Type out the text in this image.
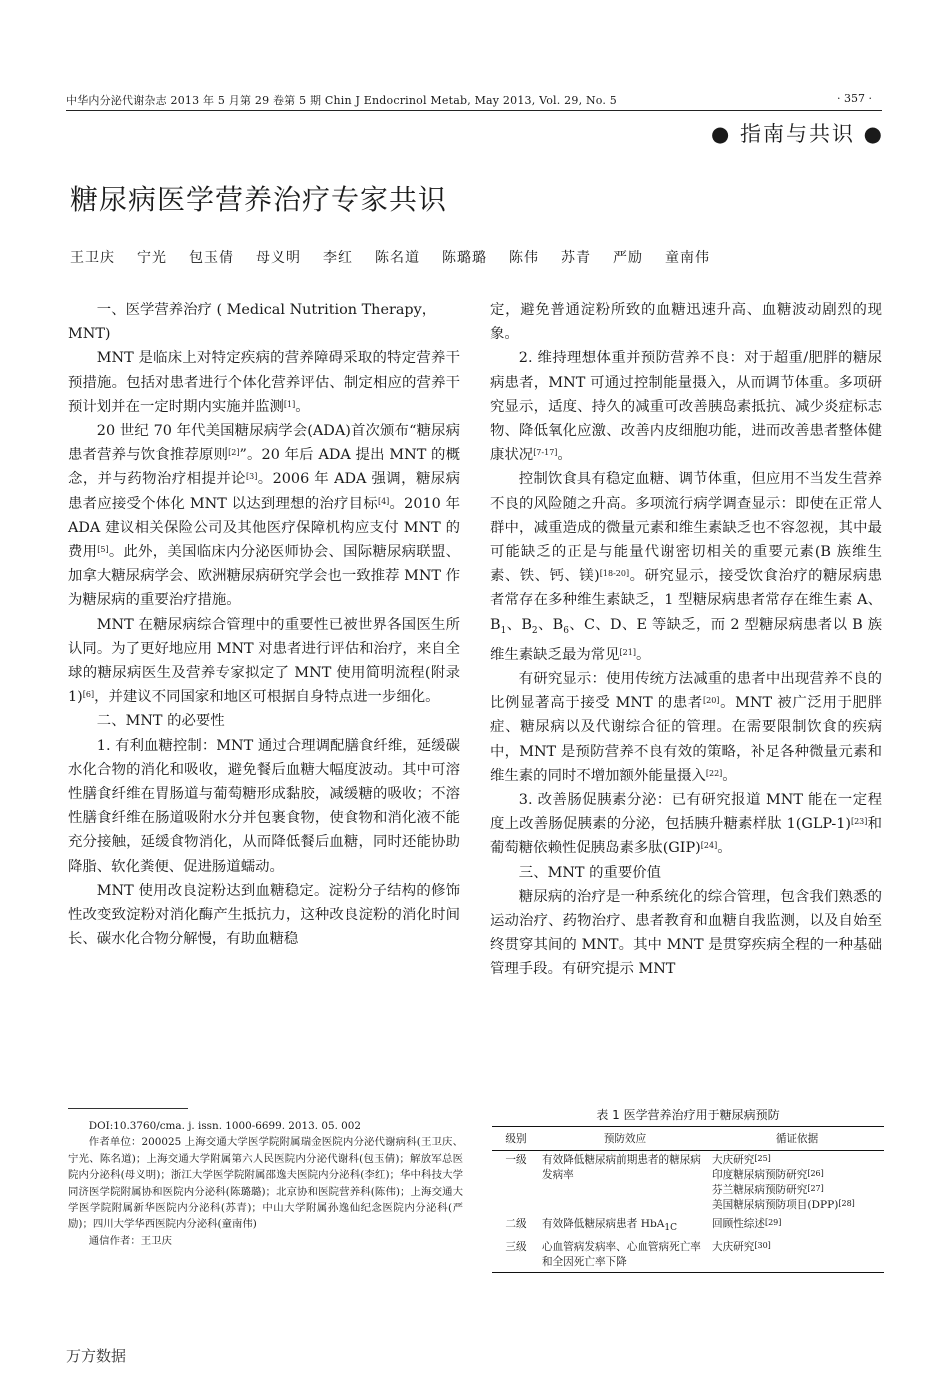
中华内分泌代谢杂志 2013 年 5 月第 29 卷第 5 期 Chin J Endocrinol Metab, May 2013, Vol. 29, No. 5	· 357 ·
● 指南与共识 ●
糖尿病医学营养治疗专家共识
王卫庆 宁光 包玉倩 母义明 李红 陈名道 陈璐璐 陈伟 苏青 严励 童南伟

一、医学营养治疗 ( Medical Nutrition Therapy，

MNT)

MNT 是临床上对特定疾病的营养障碍采取的特定营养干预措施。包括对患者进行个体化营养评估、制定相应的营养干预计划并在一定时期内实施并监测[1]。

20 世纪 70 年代美国糖尿病学会(ADA)首次颁布“糖尿病患者营养与饮食推荐原则[2]”。20 年后 ADA 提出 MNT 的概念，并与药物治疗相提并论[3]。2006 年 ADA 强调，糖尿病患者应接受个体化 MNT 以达到理想的治疗目标[4]。2010 年 ADA 建议相关保险公司及其他医疗保障机构应支付 MNT 的费用[5]。此外，美国临床内分泌医师协会、国际糖尿病联盟、加拿大糖尿病学会、欧洲糖尿病研究学会也一致推荐 MNT 作为糖尿病的重要治疗措施。

MNT 在糖尿病综合管理中的重要性已被世界各国医生所认同。为了更好地应用 MNT 对患者进行评估和治疗，来自全球的糖尿病医生及营养专家拟定了 MNT 使用简明流程(附录 1)[6]，并建议不同国家和地区可根据自身特点进一步细化。

二、MNT 的必要性

1. 有利血糖控制：MNT 通过合理调配膳食纤维，延缓碳水化合物的消化和吸收，避免餐后血糖大幅度波动。其中可溶性膳食纤维在胃肠道与葡萄糖形成黏胶，减缓糖的吸收；不溶性膳食纤维在肠道吸附水分并包裹食物，使食物和消化液不能充分接触，延缓食物消化，从而降低餐后血糖，同时还能协助降脂、软化粪便、促进肠道蠕动。

MNT 使用改良淀粉达到血糖稳定。淀粉分子结构的修饰性改变致淀粉对消化酶产生抵抗力，这种改良淀粉的消化时间长、碳水化合物分解慢，有助血糖稳

定，避免普通淀粉所致的血糖迅速升高、血糖波动剧烈的现象。

2. 维持理想体重并预防营养不良：对于超重/肥胖的糖尿病患者，MNT 可通过控制能量摄入，从而调节体重。多项研究显示，适度、持久的减重可改善胰岛素抵抗、减少炎症标志物、降低氧化应激、改善内皮细胞功能，进而改善患者整体健康状况[7-17]。

控制饮食具有稳定血糖、调节体重，但应用不当发生营养不良的风险随之升高。多项流行病学调查显示：即使在正常人群中，减重造成的微量元素和维生素缺乏也不容忽视，其中最可能缺乏的正是与能量代谢密切相关的重要元素(B 族维生素、铁、钙、镁)[18-20]。研究显示，接受饮食治疗的糖尿病患者常存在多种维生素缺乏，1 型糖尿病患者常存在维生素 A、$B_1$、$B_2$、$B_6$、C、D、E 等缺乏，而 2 型糖尿病患者以 B 族维生素缺乏最为常见[21]。

有研究显示：使用传统方法减重的患者中出现营养不良的比例显著高于接受 MNT 的患者[20]。MNT 被广泛用于肥胖症、糖尿病以及代谢综合征的管理。在需要限制饮食的疾病中，MNT 是预防营养不良有效的策略，补足各种微量元素和维生素的同时不增加额外能量摄入[22]。

3. 改善肠促胰素分泌：已有研究报道 MNT 能在一定程度上改善肠促胰素的分泌，包括胰升糖素样肽 1(GLP-1)[23]和葡萄糖依赖性促胰岛素多肽(GIP)[24]。

三、MNT 的重要价值

糖尿病的治疗是一种系统化的综合管理，包含我们熟悉的运动治疗、药物治疗、患者教育和血糖自我监测，以及自始至终贯穿其间的 MNT。其中 MNT 是贯穿疾病全程的一种基础管理手段。有研究提示 MNT

DOI:10.3760/cma. j. issn. 1000-6699. 2013. 05. 002

作者单位：200025 上海交通大学医学院附属瑞金医院内分泌代谢病科(王卫庆、宁光、陈名道)；上海交通大学附属第六人民医院内分泌代谢科(包玉倩)；解放军总医院内分泌科(母义明)；浙江大学医学院附属邵逸夫医院内分泌科(李红)；华中科技大学同济医学院附属协和医院内分泌科(陈璐璐)；北京协和医院营养科(陈伟)；上海交通大学医学院附属新华医院内分泌科(苏青)；中山大学附属孙逸仙纪念医院内分泌科(严励)；四川大学华西医院内分泌科(童南伟)

通信作者：王卫庆

表 1 医学营养治疗用于糖尿病预防
级别	预防效应	循证依据
一级	有效降低糖尿病前期患者的糖尿病发病率	大庆研究[25]
印度糖尿病预防研究[26]
芬兰糖尿病预防研究[27]
美国糖尿病预防项目(DPP)[28]

二级	有效降低糖尿病患者 HbA$_{1C}$	回顾性综述[29]
三级	心血管病发病率、心血管病死亡率和全因死亡率下降	大庆研究[30]
万方数据
